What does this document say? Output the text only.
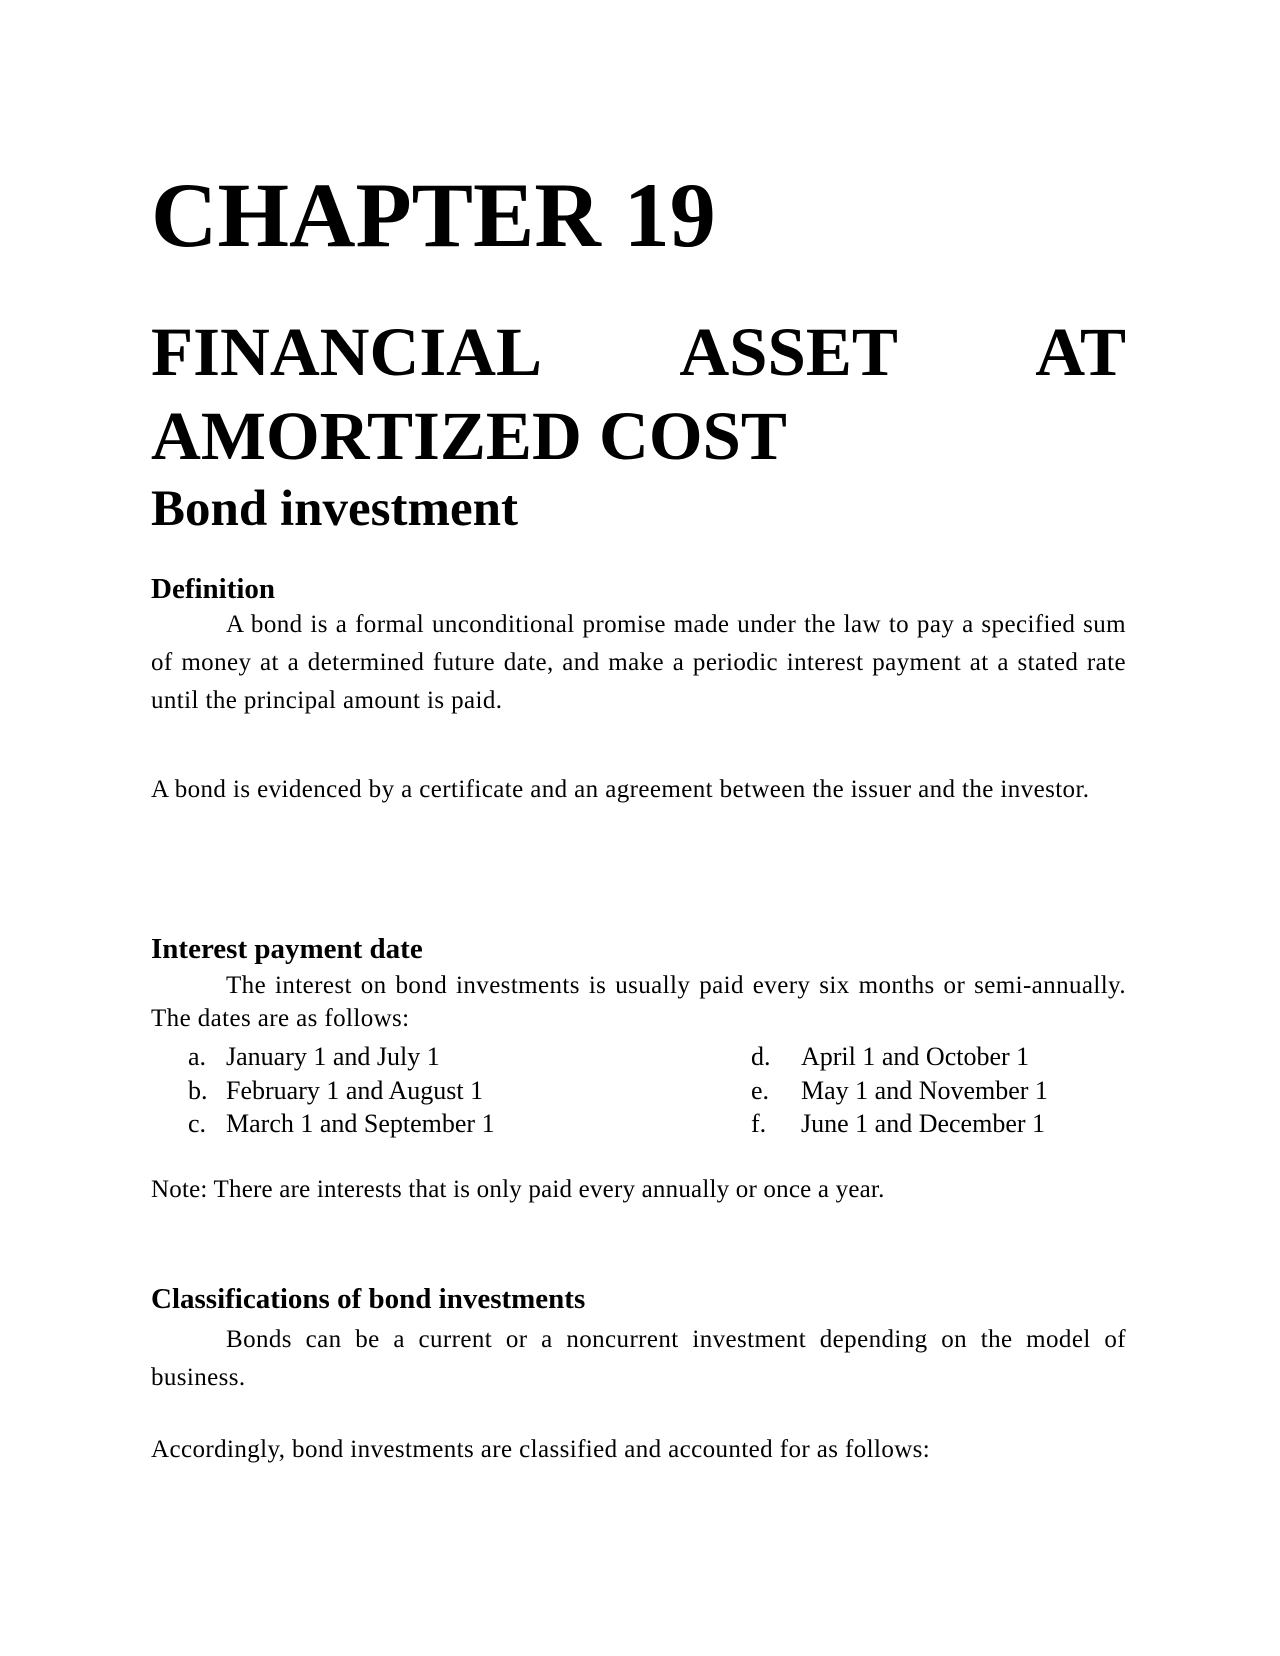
CHAPTER 19
FINANCIAL ASSET AT
AMORTIZED COST
Bond investment
Definition

A bond is a formal unconditional promise made under the law to pay a specified sum of money at a determined future date, and make a periodic interest payment at a stated rate until the principal amount is paid.

A bond is evidenced by a certificate and an agreement between the issuer and the investor.

Interest payment date

The interest on bond investments is usually paid every six months or semi-annually. The dates are as follows:

a. January 1 and July 1
b. February 1 and August 1
c. March 1 and September 1
d. April 1 and October 1
e. May 1 and November 1
f. June 1 and December 1

Note: There are interests that is only paid every annually or once a year.

Classifications of bond investments

Bonds can be a current or a noncurrent investment depending on the model of business.

Accordingly, bond investments are classified and accounted for as follows:
